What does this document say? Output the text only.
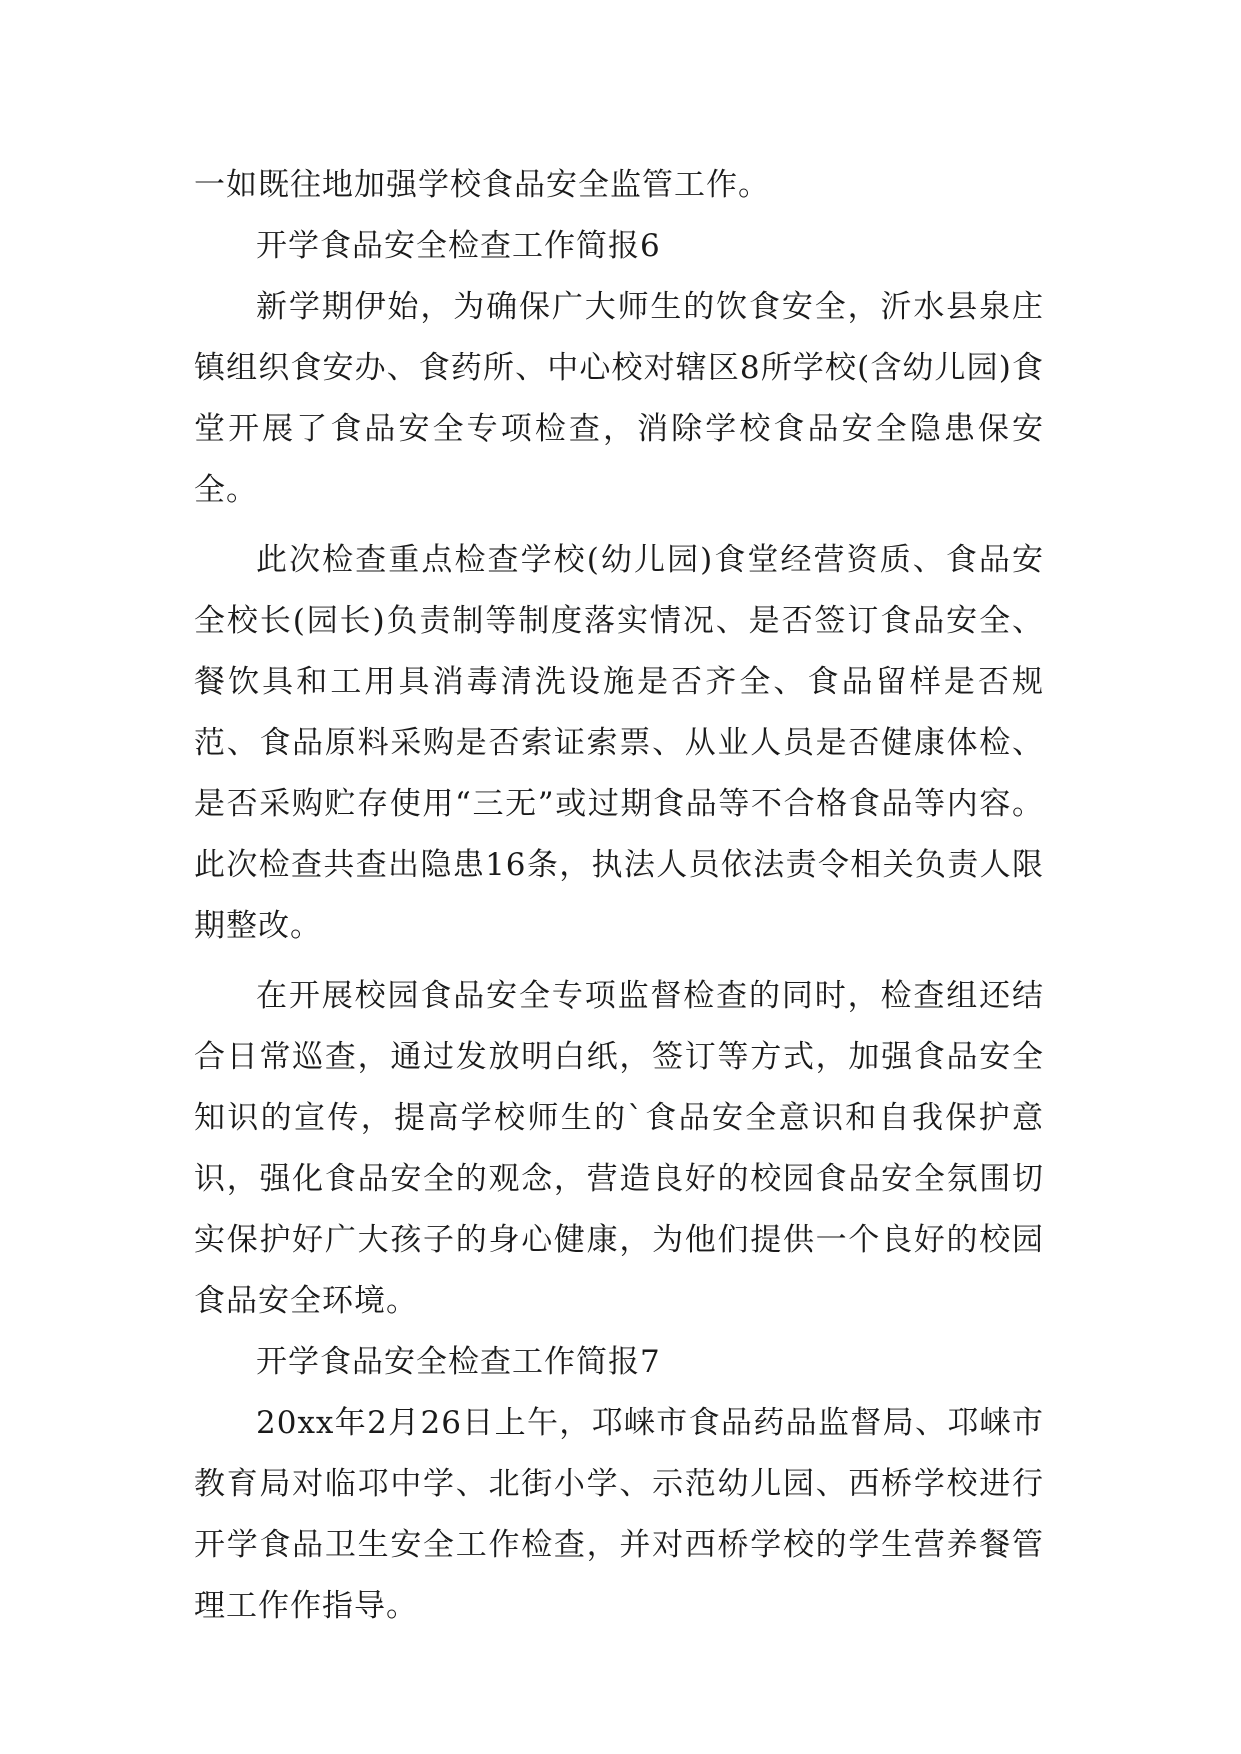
一如既往地加强学校食品安全监管工作。

开学食品安全检查工作简报6

新学期伊始，为确保广大师生的饮食安全，沂水县泉庄镇组织食安办、食药所、中心校对辖区8所学校(含幼儿园)食堂开展了食品安全专项检查，消除学校食品安全隐患保安全。

此次检查重点检查学校(幼儿园)食堂经营资质、食品安全校长(园长)负责制等制度落实情况、是否签订食品安全、餐饮具和工用具消毒清洗设施是否齐全、食品留样是否规范、食品原料采购是否索证索票、从业人员是否健康体检、是否采购贮存使用“三无”或过期食品等不合格食品等内容。此次检查共查出隐患16条，执法人员依法责令相关负责人限期整改。

在开展校园食品安全专项监督检查的同时，检查组还结合日常巡查，通过发放明白纸，签订等方式，加强食品安全知识的宣传，提高学校师生的`食品安全意识和自我保护意识，强化食品安全的观念，营造良好的校园食品安全氛围切实保护好广大孩子的身心健康，为他们提供一个良好的校园食品安全环境。

开学食品安全检查工作简报7

20xx年2月26日上午，邛崃市食品药品监督局、邛崃市教育局对临邛中学、北街小学、示范幼儿园、西桥学校进行开学食品卫生安全工作检查，并对西桥学校的学生营养餐管理工作作指导。
